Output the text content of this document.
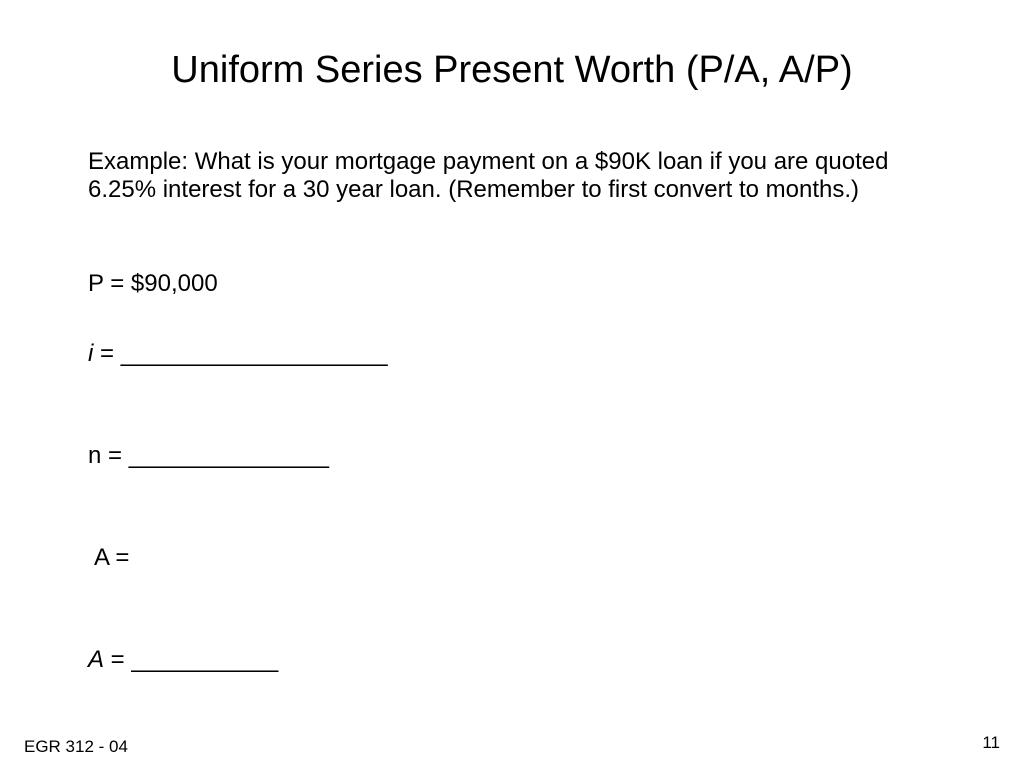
Uniform Series Present Worth (P/A, A/P)
Example: What is your mortgage payment on a $90K loan if you are quoted 6.25% interest for a 30 year loan. (Remember to first convert to months.)
P = $90,000
i = ____________________
n = _______________
A =
A = ___________
EGR 312 - 04	11
